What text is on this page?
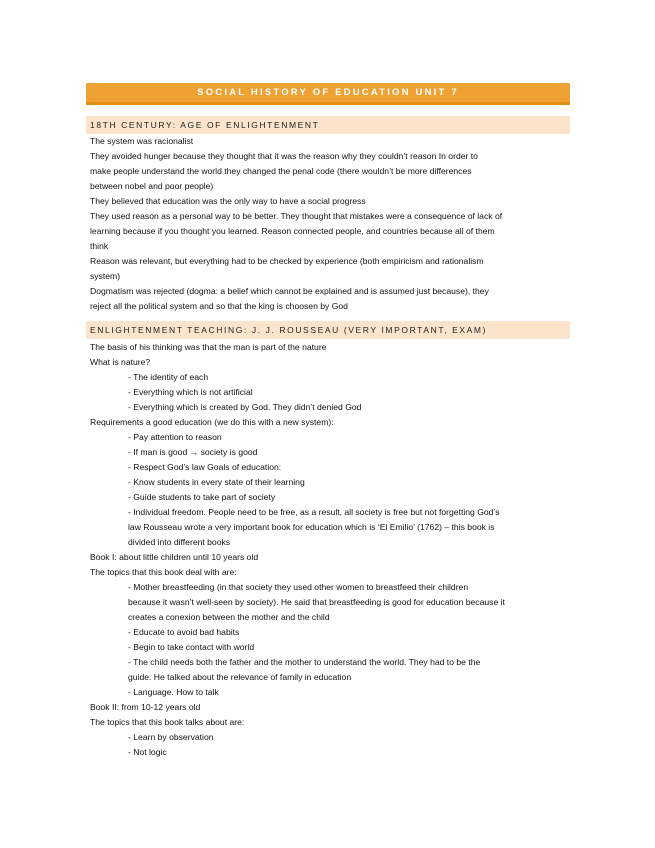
SOCIAL HISTORY OF EDUCATION UNIT 7
18TH CENTURY: AGE OF ENLIGHTENMENT
The system was racionalist
They avoided hunger because they thought that it was the reason why they couldn’t reason In order to
make people understand the world they changed the penal code (there wouldn’t be more differences
between nobel and poor people)
They believed that education was the only way to have a social progress
They used reason as a personal way to be better. They thought that mistakes were a consequence of lack of
learning because if you thought you learned. Reason connected people, and countries because all of them
think
Reason was relevant, but everything had to be checked by experience (both empiricism and rationalism
system)
Dogmatism was rejected (dogma: a belief which cannot be explained and is assumed just because), they
reject all the political system and so that the king is choosen by God
ENLIGHTENMENT TEACHING: J. J. ROUSSEAU (VERY IMPORTANT, EXAM)
The basis of his thinking was that the man is part of the nature
What is nature?
- The identity of each
- Everything which is not artificial
- Everything which is created by God. They didn’t denied God
Requirements a good education (we do this with a new system):
- Pay attention to reason
- If man is good → society is good
- Respect God’s law Goals of education:
- Know students in every state of their learning
- Guide students to take part of society
- Individual freedom. People need to be free, as a result, all society is free but not forgetting God’s
law Rousseau wrote a very important book for education which is ‘El Emilio’ (1762) – this book is
divided into different books
Book I: about little children until 10 years old
The topics that this book deal with are:
- Mother breastfeeding (in that society they used other women to breastfeed their children
because it wasn’t well-seen by society). He said that breastfeeding is good for education because it
creates a conexion between the mother and the child
- Educate to avoid bad habits
- Begin to take contact with world
- The child needs both the father and the mother to understand the world. They had to be the
guide. He talked about the relevance of family in education
- Language. How to talk
Book II: from 10-12 years old
The topics that this book talks about are:
- Learn by observation
- Not logic
